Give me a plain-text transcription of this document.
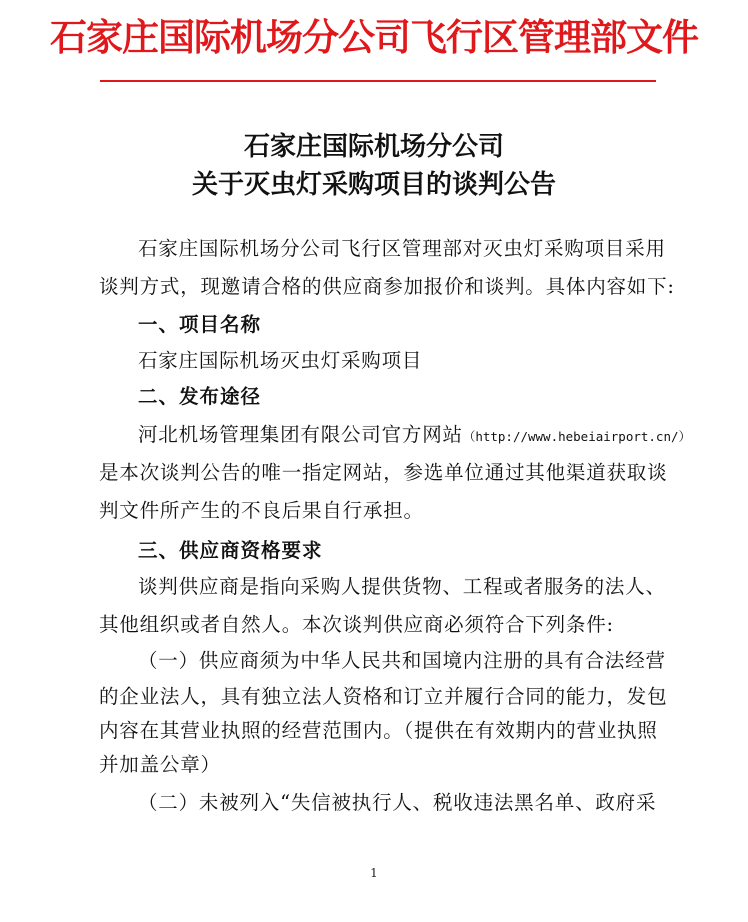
石家庄国际机场分公司飞行区管理部文件
石家庄国际机场分公司
关于灭虫灯采购项目的谈判公告
石家庄国际机场分公司飞行区管理部对灭虫灯采购项目采用
谈判方式，现邀请合格的供应商参加报价和谈判。具体内容如下:
一、项目名称
石家庄国际机场灭虫灯采购项目
二、发布途径
河北机场管理集团有限公司官方网站（http://www.hebeiairport.cn/）
是本次谈判公告的唯一指定网站，参选单位通过其他渠道获取谈
判文件所产生的不良后果自行承担。
三、供应商资格要求
谈判供应商是指向采购人提供货物、工程或者服务的法人、
其他组织或者自然人。本次谈判供应商必须符合下列条件:
（一）供应商须为中华人民共和国境内注册的具有合法经营
的企业法人，具有独立法人资格和订立并履行合同的能力，发包
内容在其营业执照的经营范围内。（提供在有效期内的营业执照
并加盖公章）
（二）未被列入“失信被执行人、税收违法黑名单、政府采
1
